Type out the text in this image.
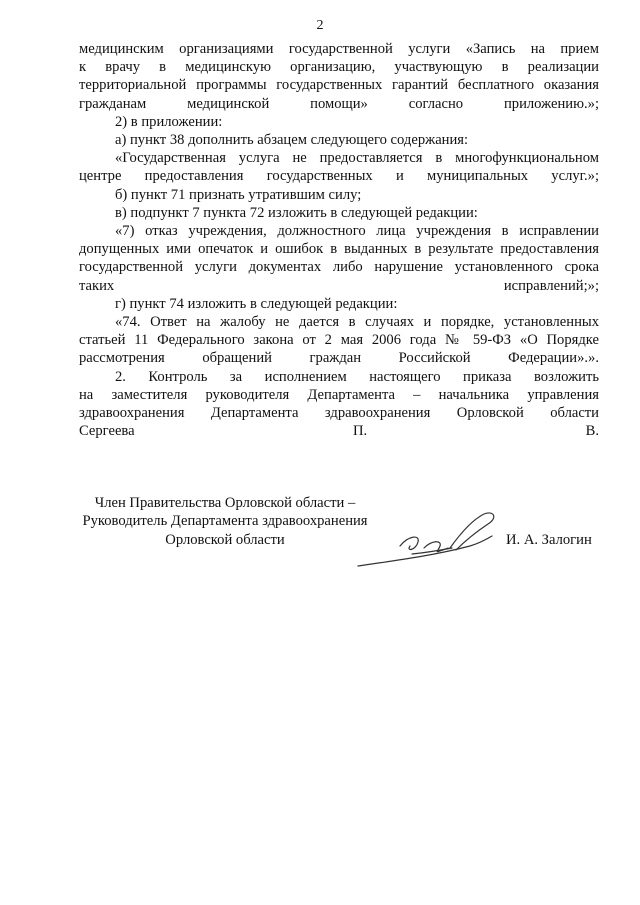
2

медицинским организациями государственной услуги «Запись на прием
к врачу в медицинскую организацию, участвующую в реализации
территориальной программы государственных гарантий бесплатного оказания
гражданам медицинской помощи» согласно приложению.»;

2) в приложении:

а) пункт 38 дополнить абзацем следующего содержания:

«Государственная услуга не предоставляется в многофункциональном
центре предоставления государственных и муниципальных услуг.»;

б) пункт 71 признать утратившим силу;

в) подпункт 7 пункта 72 изложить в следующей редакции:

«7) отказ учреждения, должностного лица учреждения в исправлении
допущенных ими опечаток и ошибок в выданных в результате предоставления
государственной услуги документах либо нарушение установленного срока
таких исправлений;»;

г) пункт 74 изложить в следующей редакции:

«74. Ответ на жалобу не дается в случаях и порядке, установленных
статьей 11 Федерального закона от 2 мая 2006 года № 59-ФЗ «О Порядке
рассмотрения обращений граждан Российской Федерации».».

2. Контроль за исполнением настоящего приказа возложить
на заместителя руководителя Департамента – начальника управления
здравоохранения Департамента здравоохранения Орловской области
Сергеева П. В.

Член Правительства Орловской области –
Руководитель Департамента здравоохранения
Орловской области	И. А. Залогин
